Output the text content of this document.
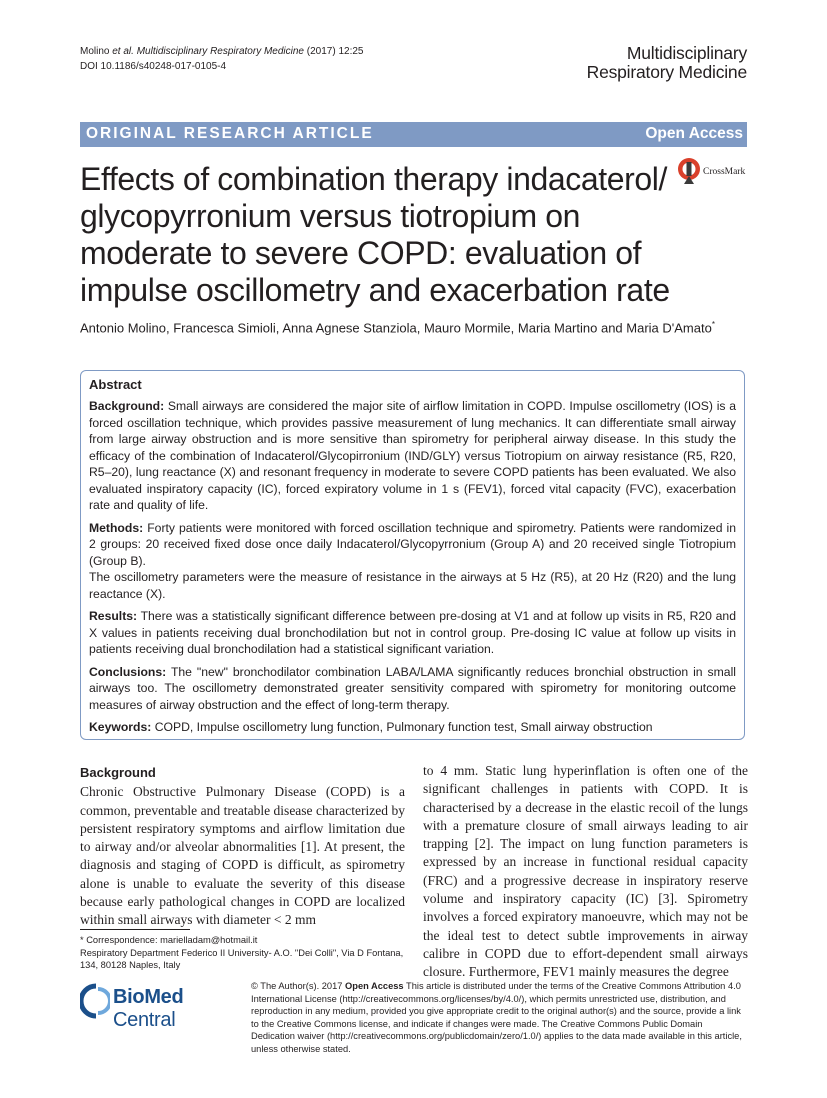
Molino et al. Multidisciplinary Respiratory Medicine (2017) 12:25
DOI 10.1186/s40248-017-0105-4
Multidisciplinary
Respiratory Medicine
ORIGINAL RESEARCH ARTICLE	Open Access
Effects of combination therapy indacaterol/ glycopyrronium versus tiotropium on moderate to severe COPD: evaluation of impulse oscillometry and exacerbation rate
CrossMark
Antonio Molino, Francesca Simioli, Anna Agnese Stanziola, Mauro Mormile, Maria Martino and Maria D'Amato*
Abstract

Background: Small airways are considered the major site of airflow limitation in COPD. Impulse oscillometry (IOS) is a forced oscillation technique, which provides passive measurement of lung mechanics. It can differentiate small airway from large airway obstruction and is more sensitive than spirometry for peripheral airway disease. In this study the efficacy of the combination of Indacaterol/Glycopirronium (IND/GLY) versus Tiotropium on airway resistance (R5, R20, R5–20), lung reactance (X) and resonant frequency in moderate to severe COPD patients has been evaluated. We also evaluated inspiratory capacity (IC), forced expiratory volume in 1 s (FEV1), forced vital capacity (FVC), exacerbation rate and quality of life.

Methods: Forty patients were monitored with forced oscillation technique and spirometry. Patients were randomized in 2 groups: 20 received fixed dose once daily Indacaterol/Glycopyrronium (Group A) and 20 received single Tiotropium (Group B).

The oscillometry parameters were the measure of resistance in the airways at 5 Hz (R5), at 20 Hz (R20) and the lung reactance (X).

Results: There was a statistically significant difference between pre-dosing at V1 and at follow up visits in R5, R20 and X values in patients receiving dual bronchodilation but not in control group. Pre-dosing IC value at follow up visits in patients receiving dual bronchodilation had a statistical significant variation.

Conclusions: The "new" bronchodilator combination LABA/LAMA significantly reduces bronchial obstruction in small airways too. The oscillometry demonstrated greater sensitivity compared with spirometry for monitoring outcome measures of airway obstruction and the effect of long-term therapy.

Keywords: COPD, Impulse oscillometry lung function, Pulmonary function test, Small airway obstruction

Background

Chronic Obstructive Pulmonary Disease (COPD) is a common, preventable and treatable disease characterized by persistent respiratory symptoms and airflow limitation due to airway and/or alveolar abnormalities [1]. At present, the diagnosis and staging of COPD is difficult, as spirometry alone is unable to evaluate the severity of this disease because early pathological changes in COPD are localized within small airways with diameter < 2 mm

to 4 mm. Static lung hyperinflation is often one of the significant challenges in patients with COPD. It is characterised by a decrease in the elastic recoil of the lungs with a premature closure of small airways leading to air trapping [2]. The impact on lung function parameters is expressed by an increase in functional residual capacity (FRC) and a progressive decrease in inspiratory reserve volume and inspiratory capacity (IC) [3]. Spirometry involves a forced expiratory manoeuvre, which may not be the ideal test to detect subtle improvements in airway calibre in COPD due to effort-dependent small airways closure. Furthermore, FEV1 mainly measures the degree

* Correspondence: marielladam@hotmail.it
Respiratory Department Federico II University- A.O. "Dei Colli", Via D Fontana, 134, 80128 Naples, Italy
BioMed Central
© The Author(s). 2017 Open Access This article is distributed under the terms of the Creative Commons Attribution 4.0 International License (http://creativecommons.org/licenses/by/4.0/), which permits unrestricted use, distribution, and reproduction in any medium, provided you give appropriate credit to the original author(s) and the source, provide a link to the Creative Commons license, and indicate if changes were made. The Creative Commons Public Domain Dedication waiver (http://creativecommons.org/publicdomain/zero/1.0/) applies to the data made available in this article, unless otherwise stated.
